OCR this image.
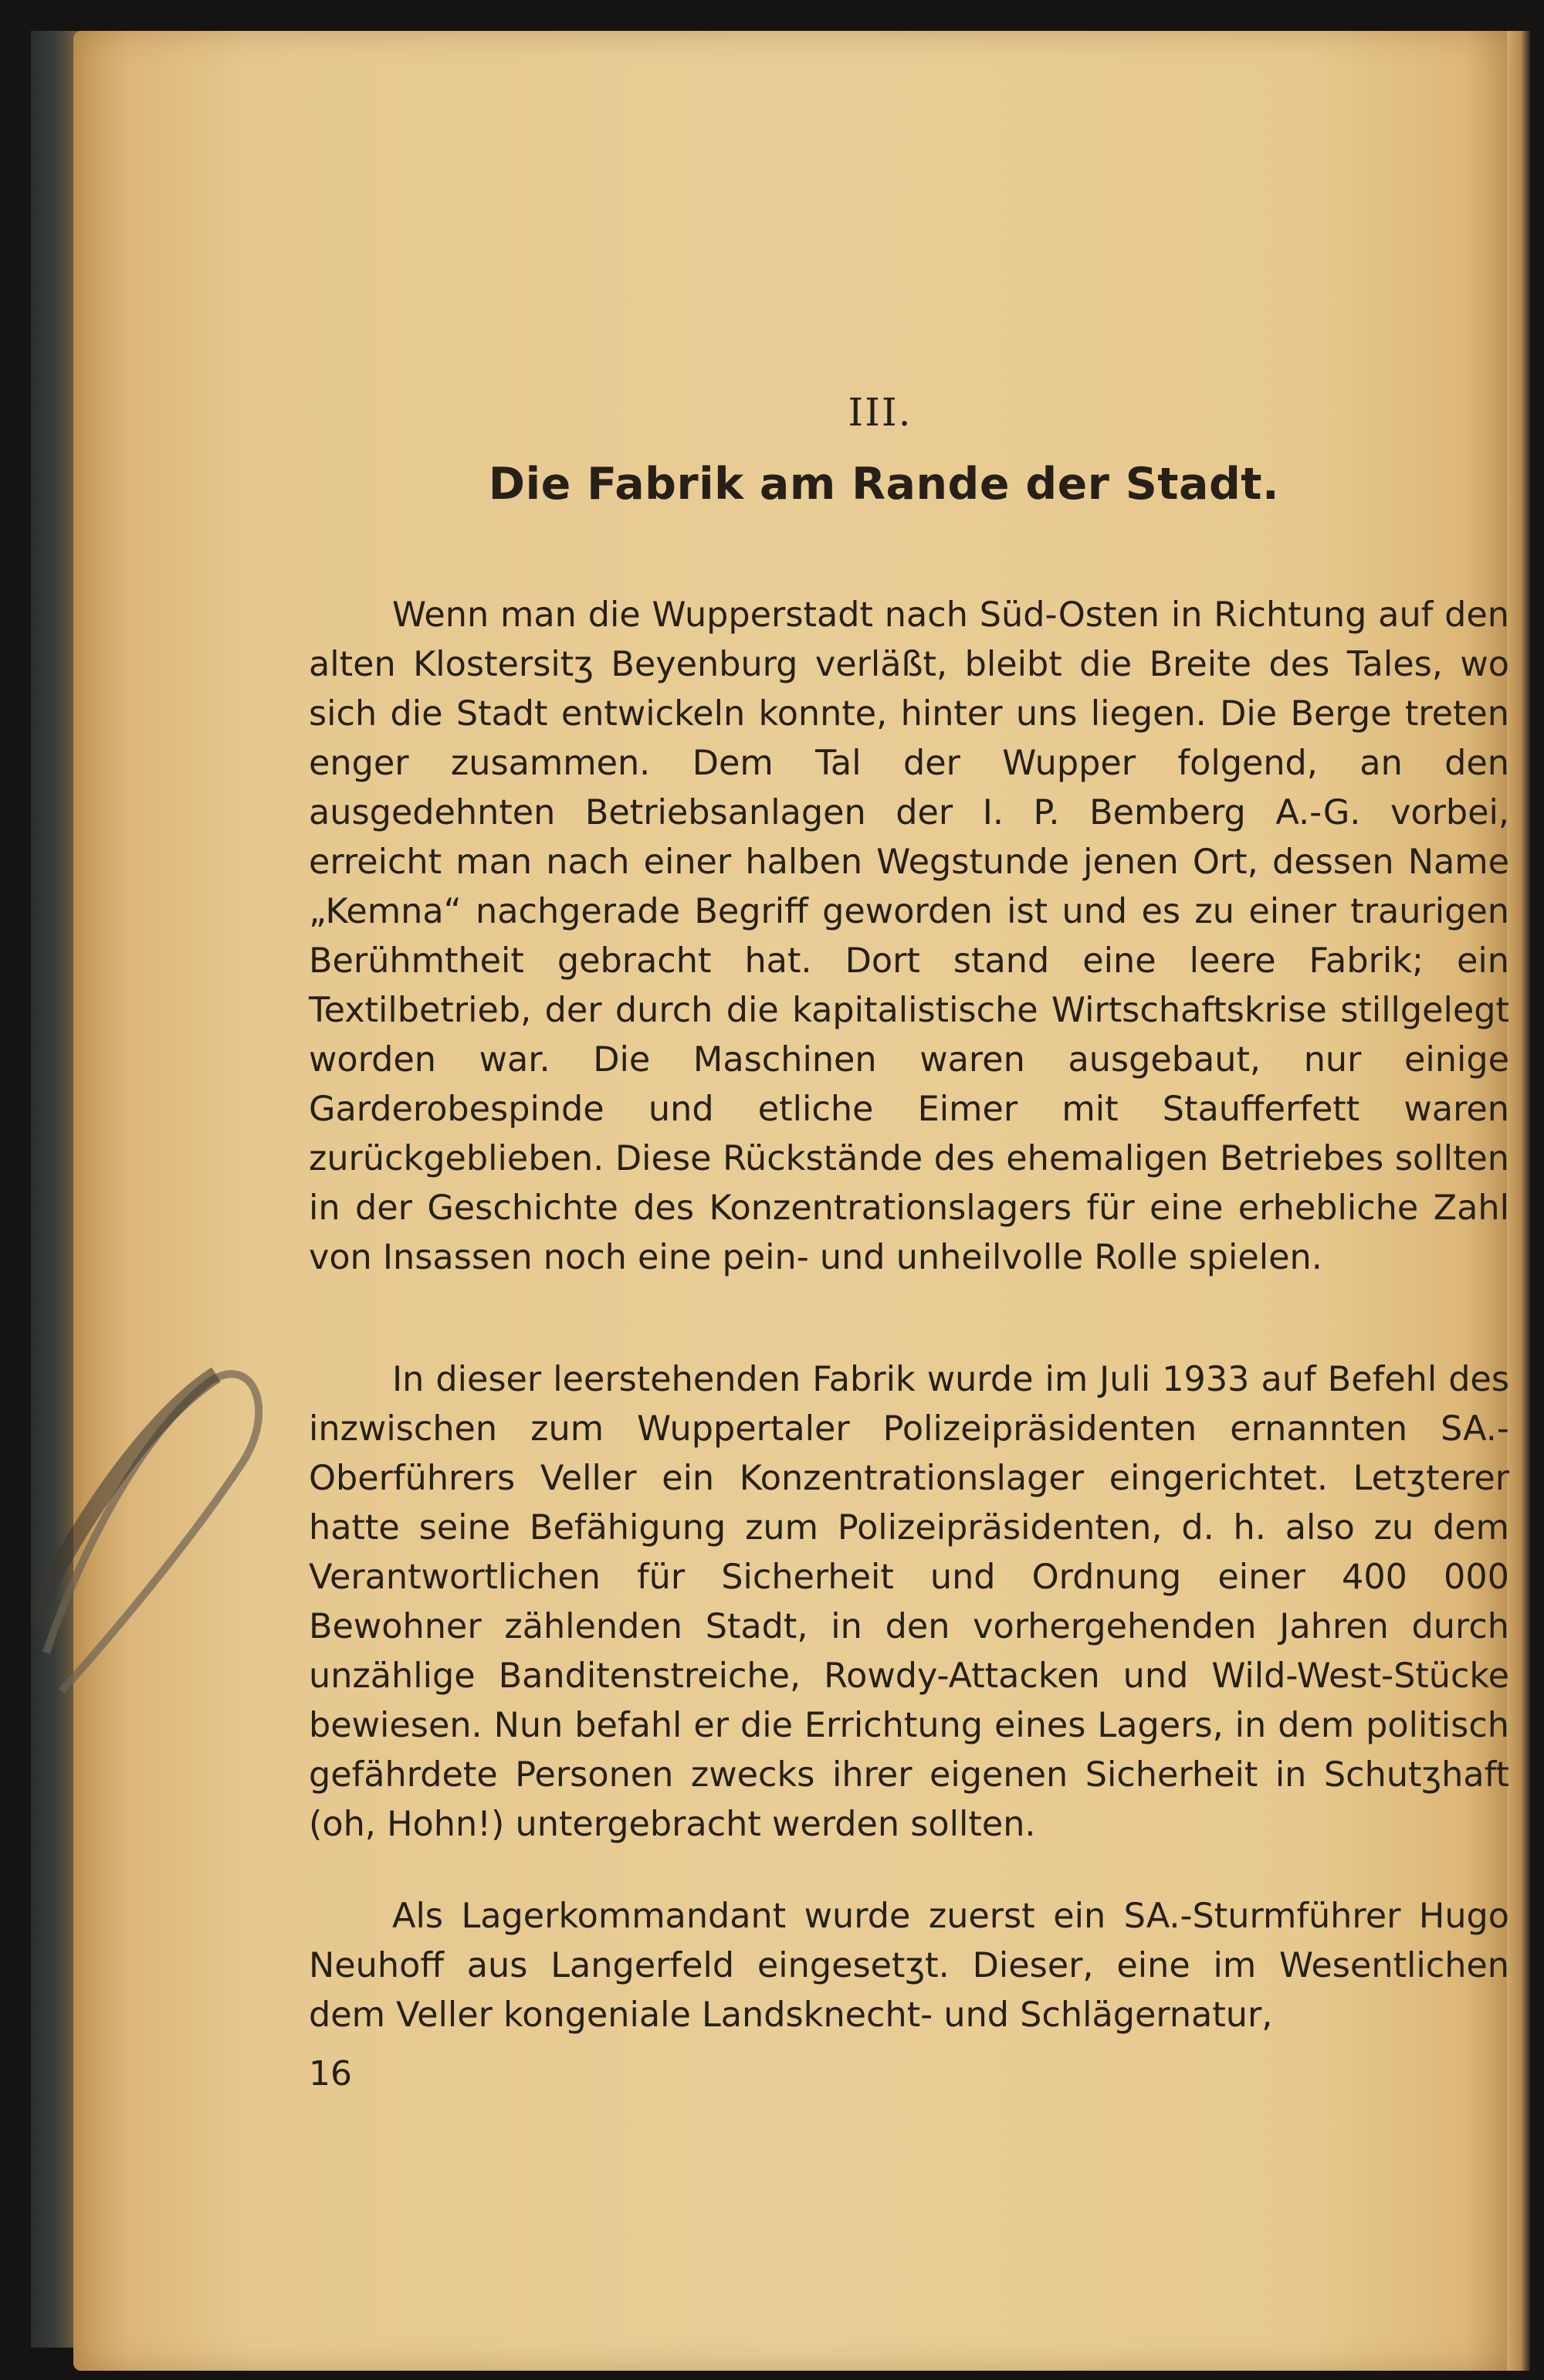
III.
Die Fabrik am Rande der Stadt.

Wenn man die Wupperstadt nach Süd-Osten in Richtung auf den alten Klostersitʒ Beyenburg verläßt, bleibt die Breite des Tales, wo sich die Stadt entwickeln konnte, hinter uns liegen. Die Berge treten enger zusammen. Dem Tal der Wupper folgend, an den ausgedehnten Betriebsanlagen der I. P. Bemberg A.-G. vorbei, erreicht man nach einer halben Wegstunde jenen Ort, dessen Name „Kemna“ nachgerade Begriff geworden ist und es zu einer traurigen Berühmtheit gebracht hat. Dort stand eine leere Fabrik; ein Textilbetrieb, der durch die kapitalistische Wirtschaftskrise stillgelegt worden war. Die Maschinen waren ausgebaut, nur einige Garderobespinde und etliche Eimer mit Staufferfett waren zurückgeblieben. Diese Rückstände des ehemaligen Betriebes sollten in der Geschichte des Konzentrationslagers für eine erhebliche Zahl von Insassen noch eine pein- und unheilvolle Rolle spielen.

In dieser leerstehenden Fabrik wurde im Juli 1933 auf Befehl des inzwischen zum Wuppertaler Polizeipräsidenten ernannten SA.-Oberführers Veller ein Konzentrationslager eingerichtet. Letʒterer hatte seine Befähigung zum Polizeipräsidenten, d. h. also zu dem Verantwortlichen für Sicherheit und Ordnung einer 400 000 Bewohner zählenden Stadt, in den vorhergehenden Jahren durch unzählige Banditenstreiche, Rowdy-Attacken und Wild-West-Stücke bewiesen. Nun befahl er die Errichtung eines Lagers, in dem politisch gefährdete Personen zwecks ihrer eigenen Sicherheit in Schutʒhaft (oh, Hohn!) untergebracht werden sollten.

Als Lagerkommandant wurde zuerst ein SA.-Sturmführer Hugo Neuhoff aus Langerfeld eingesetʒt. Dieser, eine im Wesentlichen dem Veller kongeniale Landsknecht- und Schlägernatur,

16
